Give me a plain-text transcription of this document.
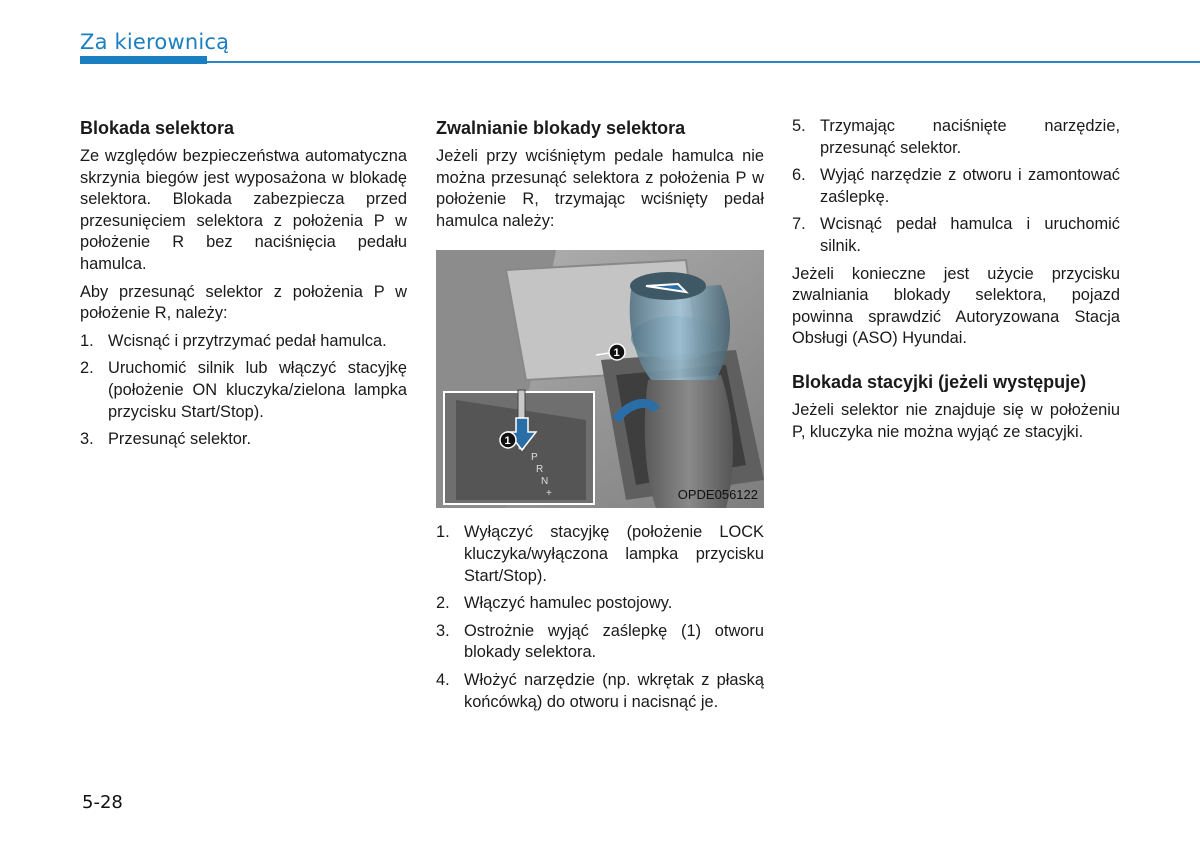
Za kierownicą
Blokada selektora

Ze względów bezpieczeństwa automatyczna skrzynia biegów jest wyposażona w blokadę selektora. Blokada zabezpiecza przed przesunięciem selektora z położenia P w położenie R bez naciśnięcia pedału hamulca.

Aby przesunąć selektor z położenia P w położenie R, należy:

1. Wcisnąć i przytrzymać pedał hamulca.
2. Uruchomić silnik lub włączyć stacyjkę (położenie ON kluczyka/zielona lampka przycisku Start/Stop).
3. Przesunąć selektor.
Zwalnianie blokady selektora

Jeżeli przy wciśniętym pedale hamulca nie można przesunąć selektora z położenia P w położenie R, trzymając wciśnięty pedał hamulca należy:

P
R
N
+
1
1
OPDE056122
1. Wyłączyć stacyjkę (położenie LOCK kluczyka/wyłączona lampka przycisku Start/Stop).
2. Włączyć hamulec postojowy.
3. Ostrożnie wyjąć zaślepkę (1) otworu blokady selektora.
4. Włożyć narzędzie (np. wkrętak z płaską końcówką) do otworu i nacisnąć je.
5. Trzymając naciśnięte narzędzie, przesunąć selektor.
6. Wyjąć narzędzie z otworu i zamontować zaślepkę.
7. Wcisnąć pedał hamulca i uruchomić silnik.

Jeżeli konieczne jest użycie przycisku zwalniania blokady selektora, pojazd powinna sprawdzić Autoryzowana Stacja Obsługi (ASO) Hyundai.

Blokada stacyjki (jeżeli występuje)

Jeżeli selektor nie znajduje się w położeniu P, kluczyka nie można wyjąć ze stacyjki.

5-28
